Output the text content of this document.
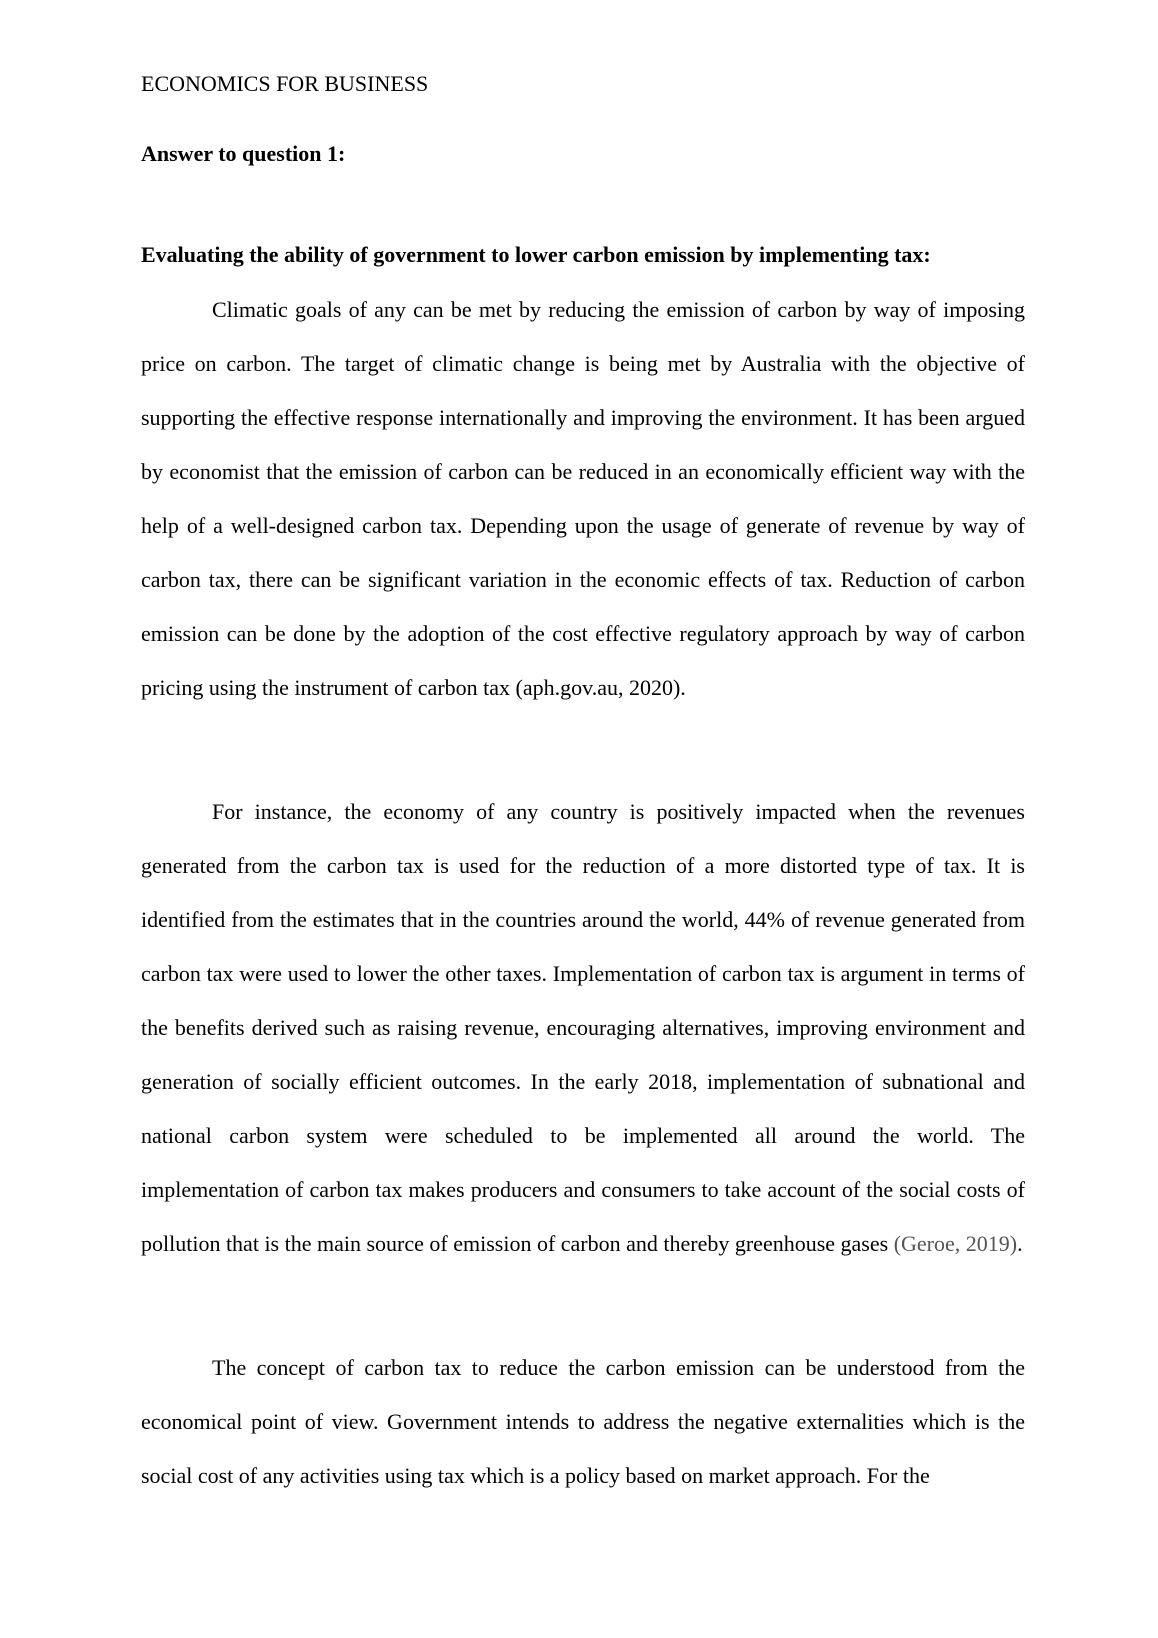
ECONOMICS FOR BUSINESS
Answer to question 1:
Evaluating the ability of government to lower carbon emission by implementing tax:

Climatic goals of any can be met by reducing the emission of carbon by way of imposing price on carbon. The target of climatic change is being met by Australia with the objective of supporting the effective response internationally and improving the environment. It has been argued by economist that the emission of carbon can be reduced in an economically efficient way with the help of a well-designed carbon tax. Depending upon the usage of generate of revenue by way of carbon tax, there can be significant variation in the economic effects of tax. Reduction of carbon emission can be done by the adoption of the cost effective regulatory approach by way of carbon pricing using the instrument of carbon tax (aph.gov.au, 2020).

For instance, the economy of any country is positively impacted when the revenues generated from the carbon tax is used for the reduction of a more distorted type of tax. It is identified from the estimates that in the countries around the world, 44% of revenue generated from carbon tax were used to lower the other taxes. Implementation of carbon tax is argument in terms of the benefits derived such as raising revenue, encouraging alternatives, improving environment and generation of socially efficient outcomes. In the early 2018, implementation of subnational and national carbon system were scheduled to be implemented all around the world. The implementation of carbon tax makes producers and consumers to take account of the social costs of pollution that is the main source of emission of carbon and thereby greenhouse gases (Geroe, 2019).

The concept of carbon tax to reduce the carbon emission can be understood from the economical point of view. Government intends to address the negative externalities which is the social cost of any activities using tax which is a policy based on market approach. For the
